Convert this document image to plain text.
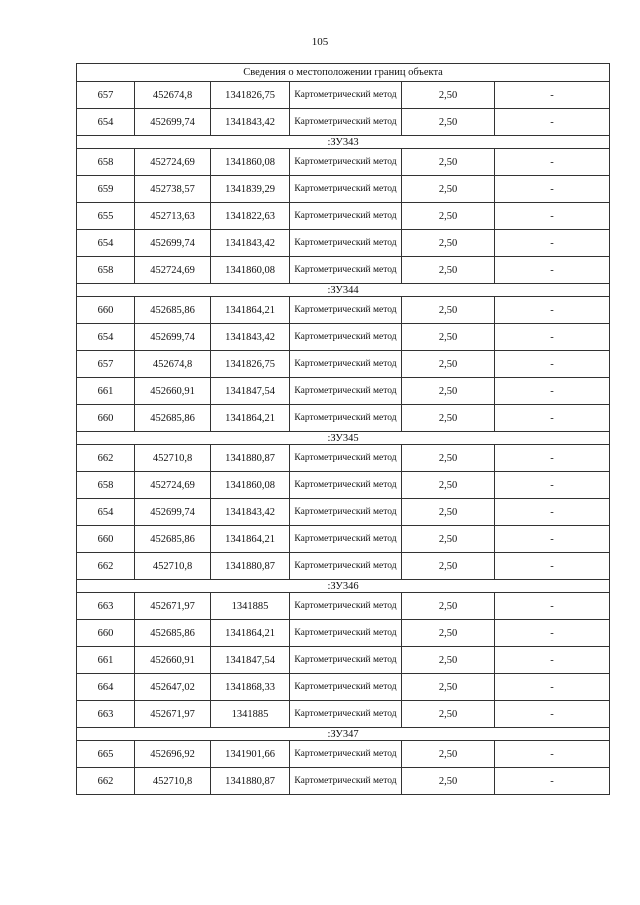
105
Сведения о местоположении границ объекта					
657	452674,8	1341826,75	Картометрический метод	2,50	-
654	452699,74	1341843,42	Картометрический метод	2,50	-
:ЗУ343					
658	452724,69	1341860,08	Картометрический метод	2,50	-
659	452738,57	1341839,29	Картометрический метод	2,50	-
655	452713,63	1341822,63	Картометрический метод	2,50	-
654	452699,74	1341843,42	Картометрический метод	2,50	-
658	452724,69	1341860,08	Картометрический метод	2,50	-
:ЗУ344					
660	452685,86	1341864,21	Картометрический метод	2,50	-
654	452699,74	1341843,42	Картометрический метод	2,50	-
657	452674,8	1341826,75	Картометрический метод	2,50	-
661	452660,91	1341847,54	Картометрический метод	2,50	-
660	452685,86	1341864,21	Картометрический метод	2,50	-
:ЗУ345					
662	452710,8	1341880,87	Картометрический метод	2,50	-
658	452724,69	1341860,08	Картометрический метод	2,50	-
654	452699,74	1341843,42	Картометрический метод	2,50	-
660	452685,86	1341864,21	Картометрический метод	2,50	-
662	452710,8	1341880,87	Картометрический метод	2,50	-
:ЗУ346					
663	452671,97	1341885	Картометрический метод	2,50	-
660	452685,86	1341864,21	Картометрический метод	2,50	-
661	452660,91	1341847,54	Картометрический метод	2,50	-
664	452647,02	1341868,33	Картометрический метод	2,50	-
663	452671,97	1341885	Картометрический метод	2,50	-
:ЗУ347					
665	452696,92	1341901,66	Картометрический метод	2,50	-
662	452710,8	1341880,87	Картометрический метод	2,50	-
